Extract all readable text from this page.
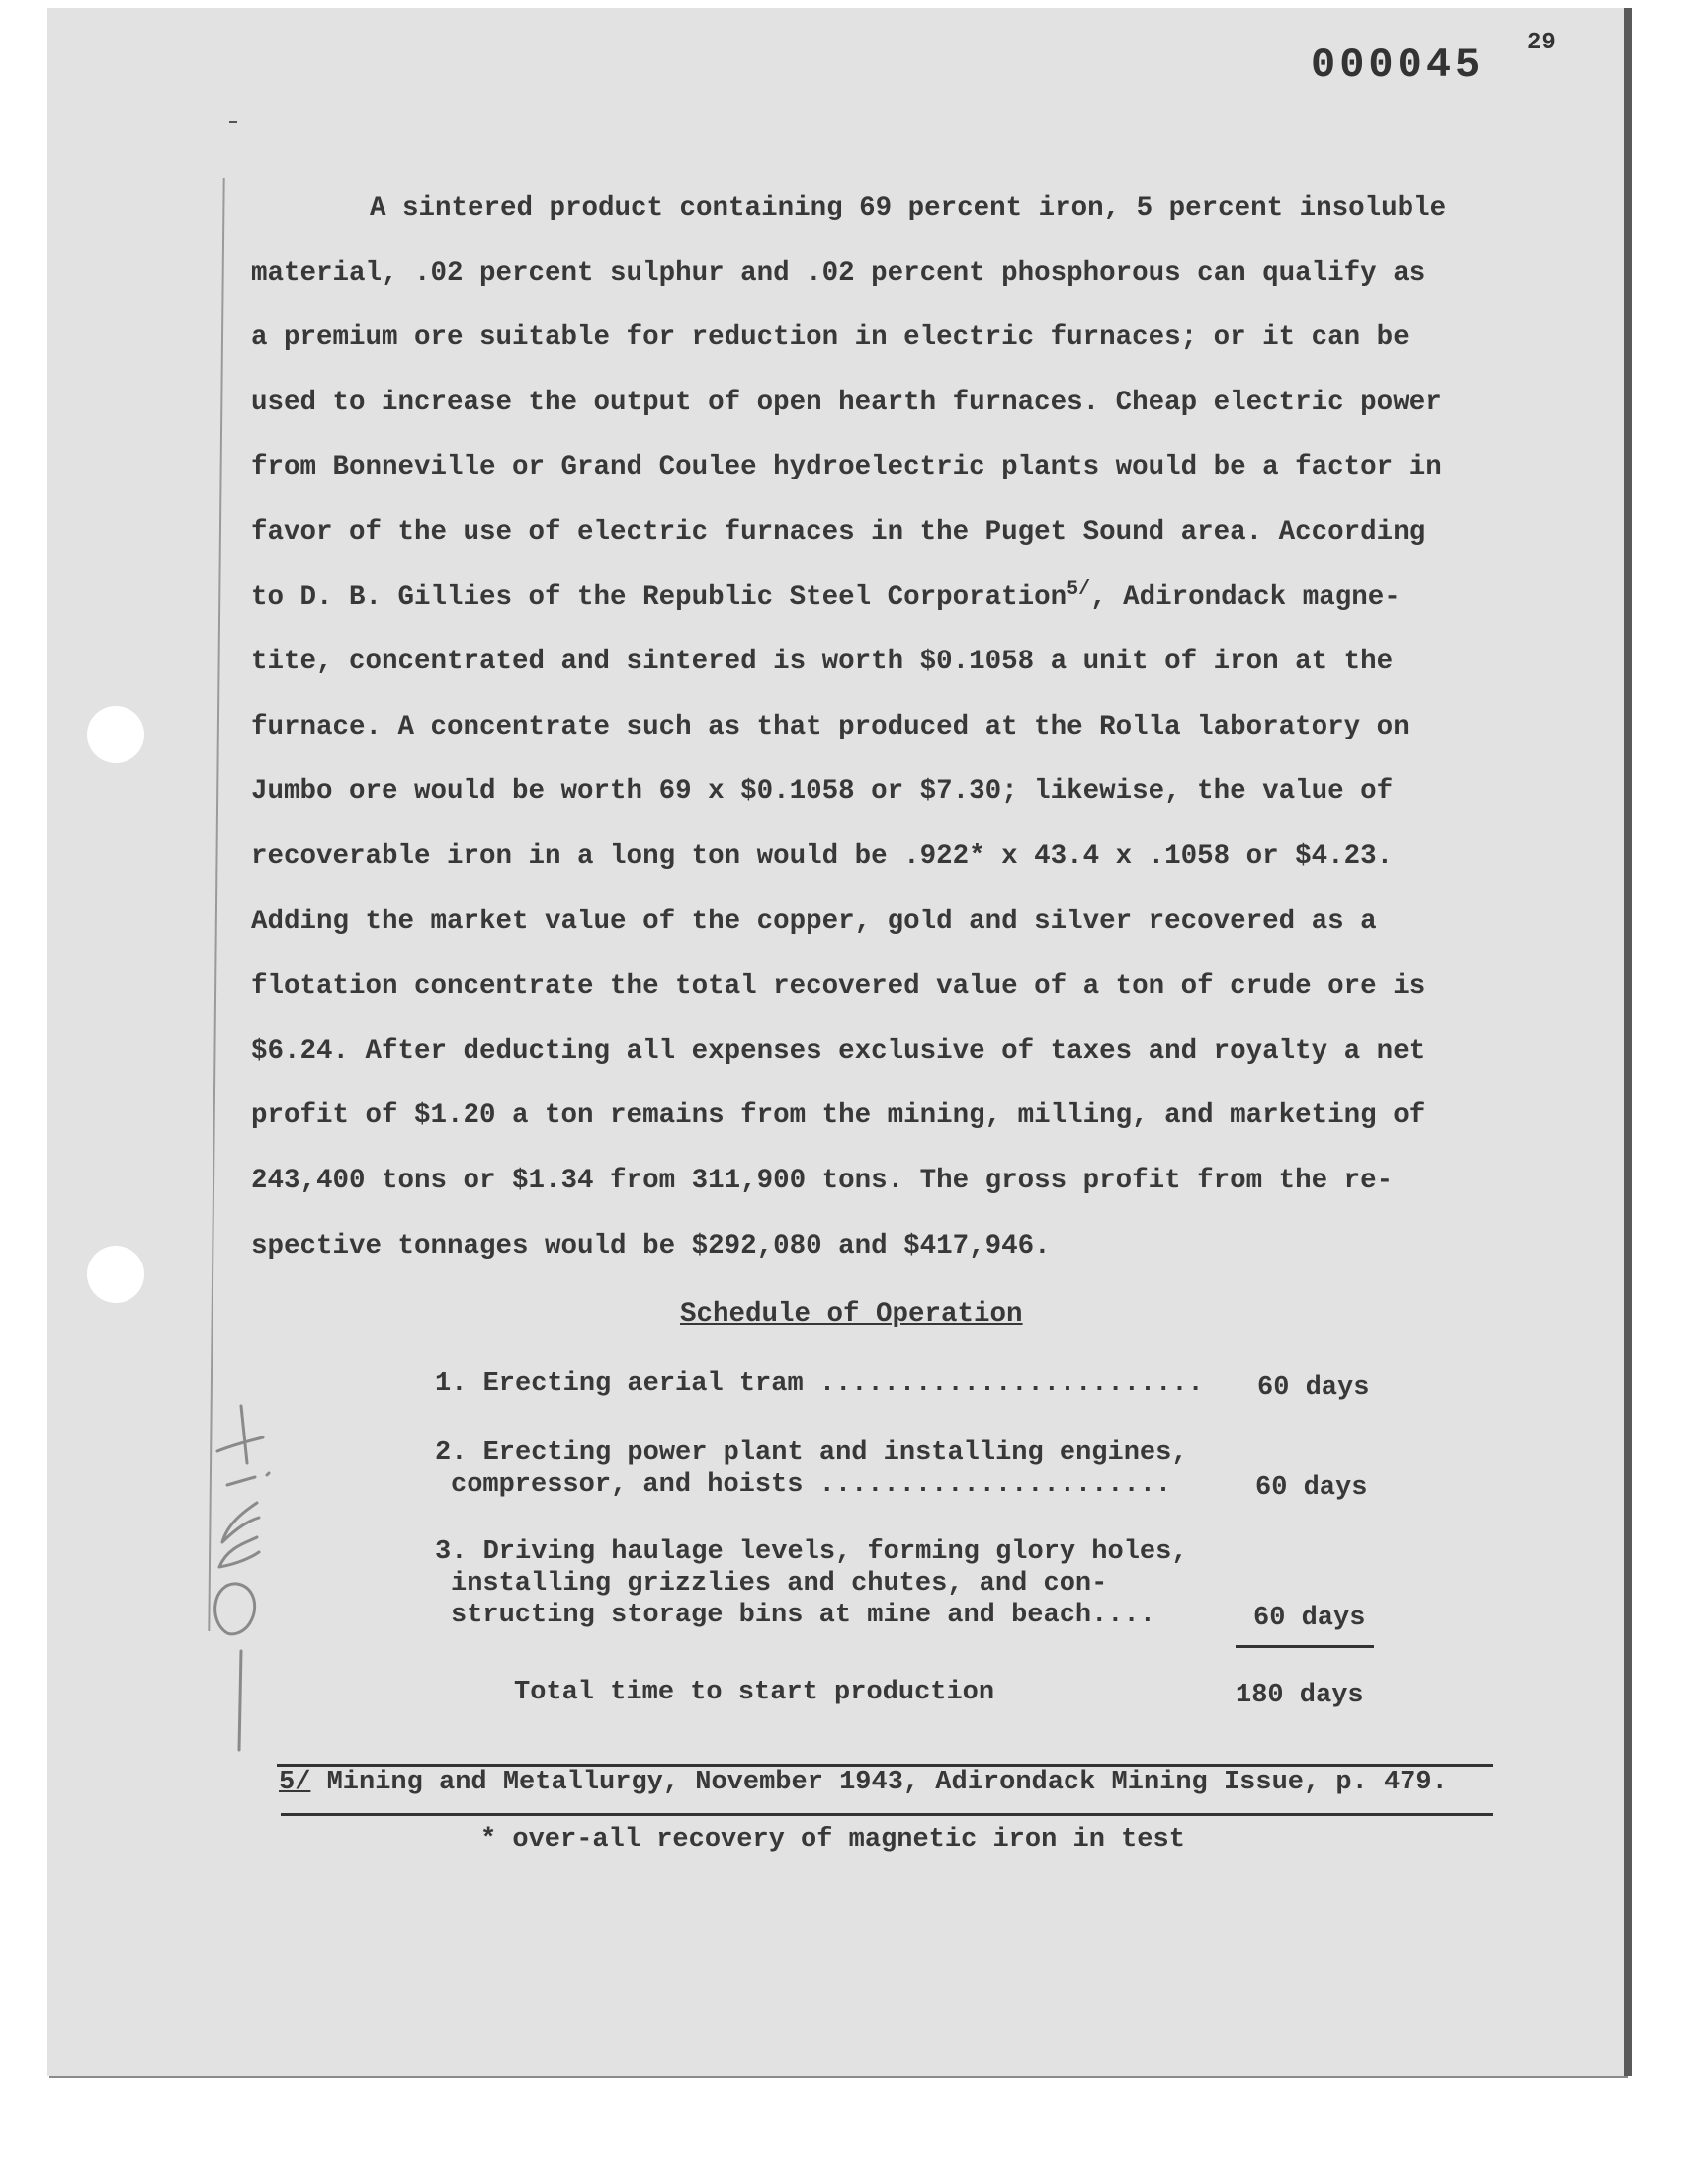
000045 29
A sintered product containing 69 percent iron, 5 percent insoluble
material, .02 percent sulphur and .02 percent phosphorous can qualify as
a premium ore suitable for reduction in electric furnaces; or it can be
used to increase the output of open hearth furnaces. Cheap electric power
from Bonneville or Grand Coulee hydroelectric plants would be a factor in
favor of the use of electric furnaces in the Puget Sound area. According
to D. B. Gillies of the Republic Steel Corporation$^{5/}$, Adirondack magne-
tite, concentrated and sintered is worth $0.1058 a unit of iron at the
furnace. A concentrate such as that produced at the Rolla laboratory on
Jumbo ore would be worth 69 x $0.1058 or $7.30; likewise, the value of
recoverable iron in a long ton would be .922* x 43.4 x .1058 or $4.23.
Adding the market value of the copper, gold and silver recovered as a
flotation concentrate the total recovered value of a ton of crude ore is
$6.24. After deducting all expenses exclusive of taxes and royalty a net
profit of $1.20 a ton remains from the mining, milling, and marketing of
243,400 tons or $1.34 from 311,900 tons. The gross profit from the re-
spective tonnages would be $292,080 and $417,946.
Schedule of Operation
1. Erecting aerial tram ........................ 60 days
2. Erecting power plant and installing engines,
compressor, and hoists ......................	60 days
3. Driving haulage levels, forming glory holes,
installing grizzlies and chutes, and con-
structing storage bins at mine and beach....	60 days
Total time to start production	180 days
5/ Mining and Metallurgy, November 1943, Adirondack Mining Issue, p. 479.
* over-all recovery of magnetic iron in test
